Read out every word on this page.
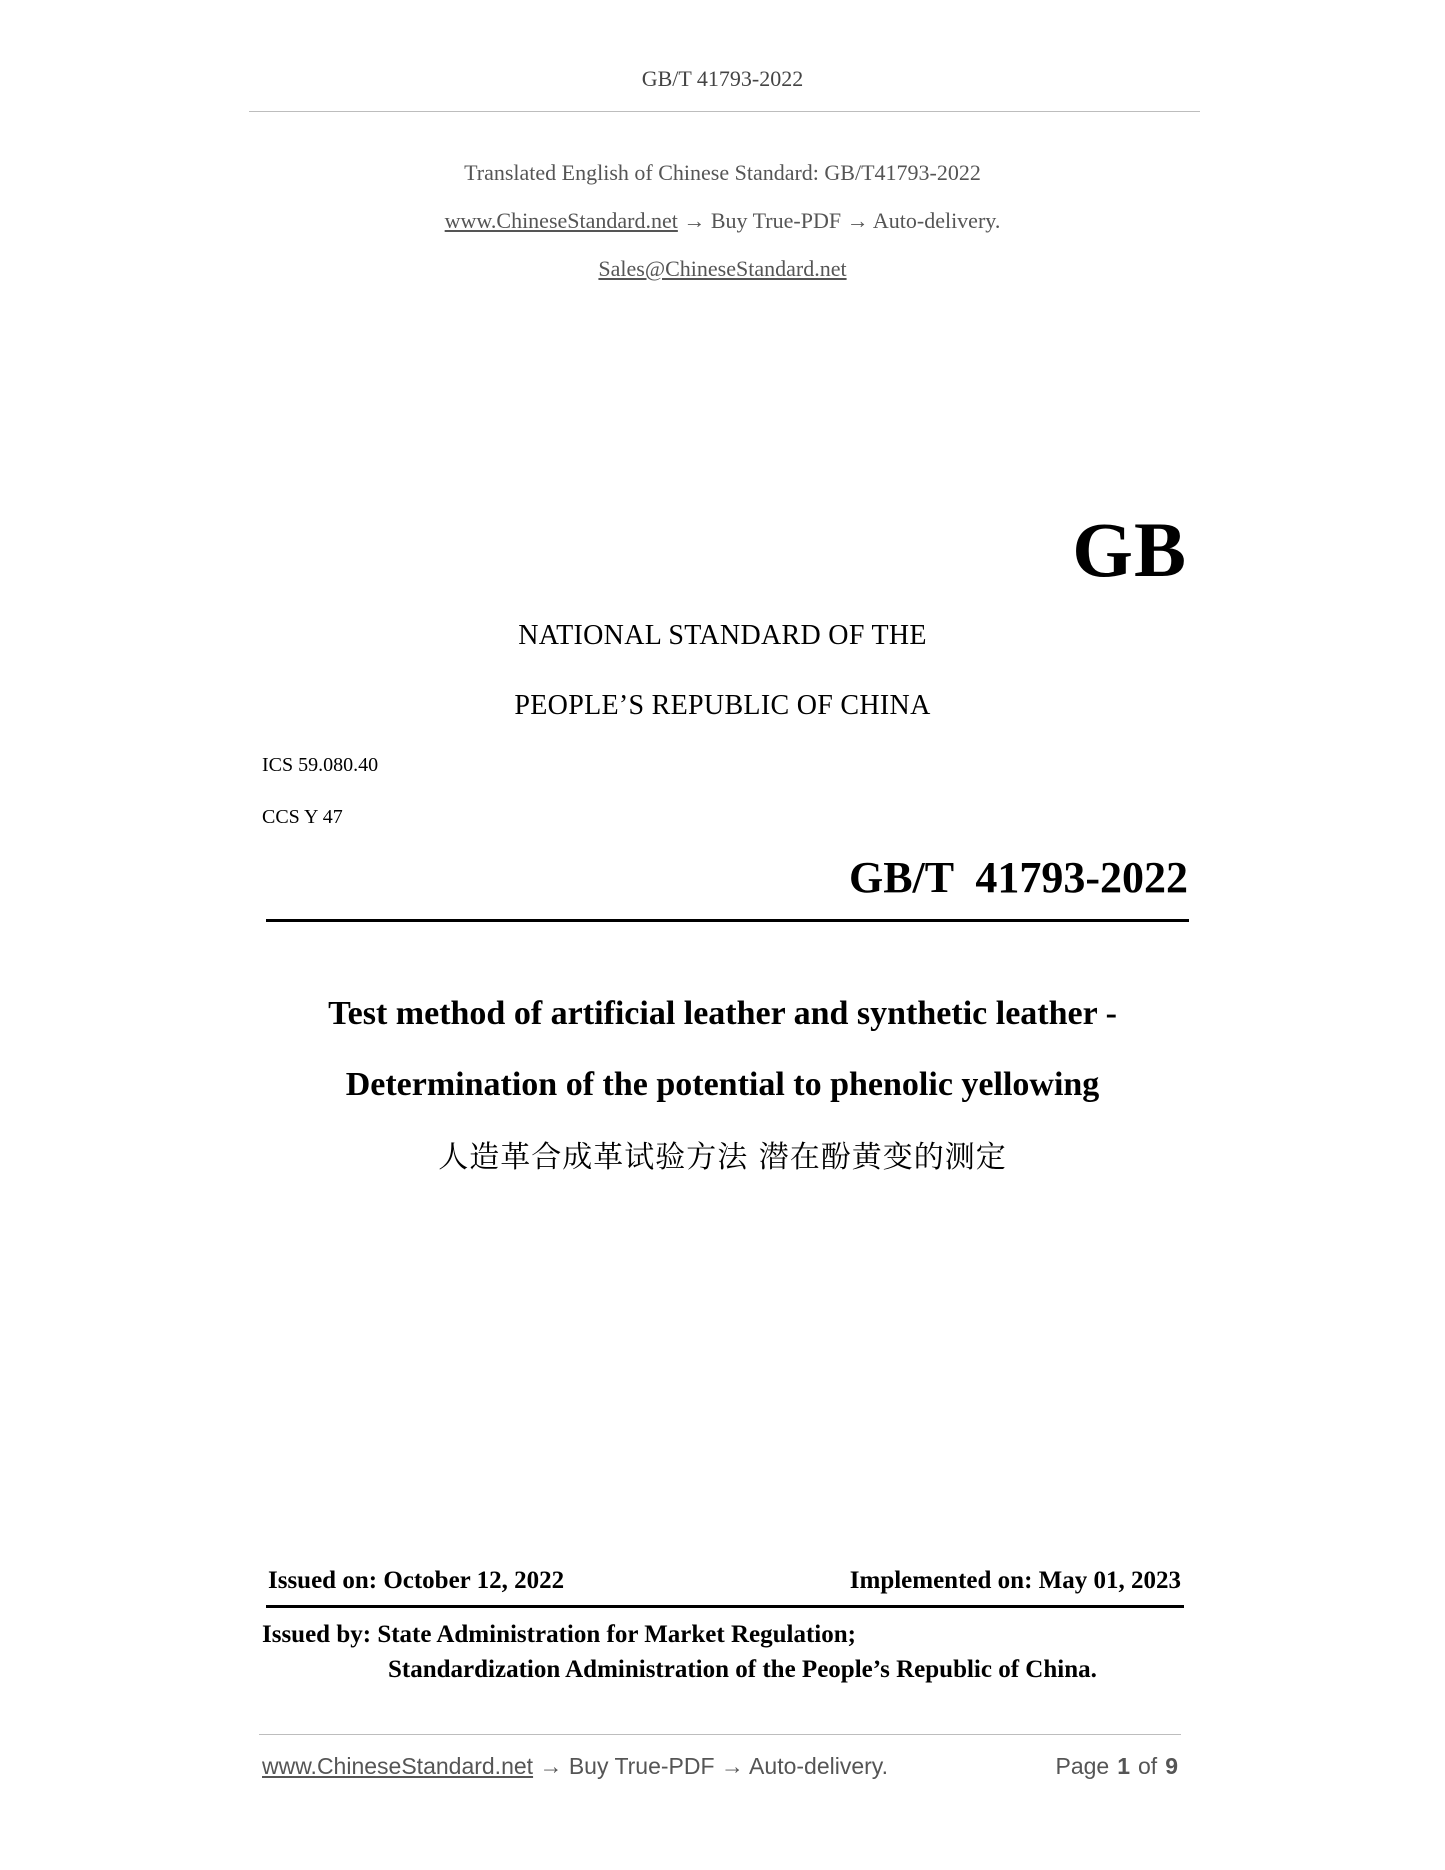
GB/T 41793-2022
Translated English of Chinese Standard: GB/T41793-2022
www.ChineseStandard.net → Buy True-PDF → Auto-delivery.
Sales@ChineseStandard.net
GB
NATIONAL STANDARD OF THE
PEOPLE’S REPUBLIC OF CHINA
ICS 59.080.40
CCS Y 47
GB/T  41793-2022
Test method of artificial leather and synthetic leather -
Determination of the potential to phenolic yellowing
人造革合成革试验方法 潜在酚黄变的测定
Issued on: October 12, 2022	Implemented on: May 01, 2023
Issued by: State Administration for Market Regulation;
Standardization Administration of the People’s Republic of China.
www.ChineseStandard.net → Buy True-PDF → Auto-delivery.	Page 1 of 9
